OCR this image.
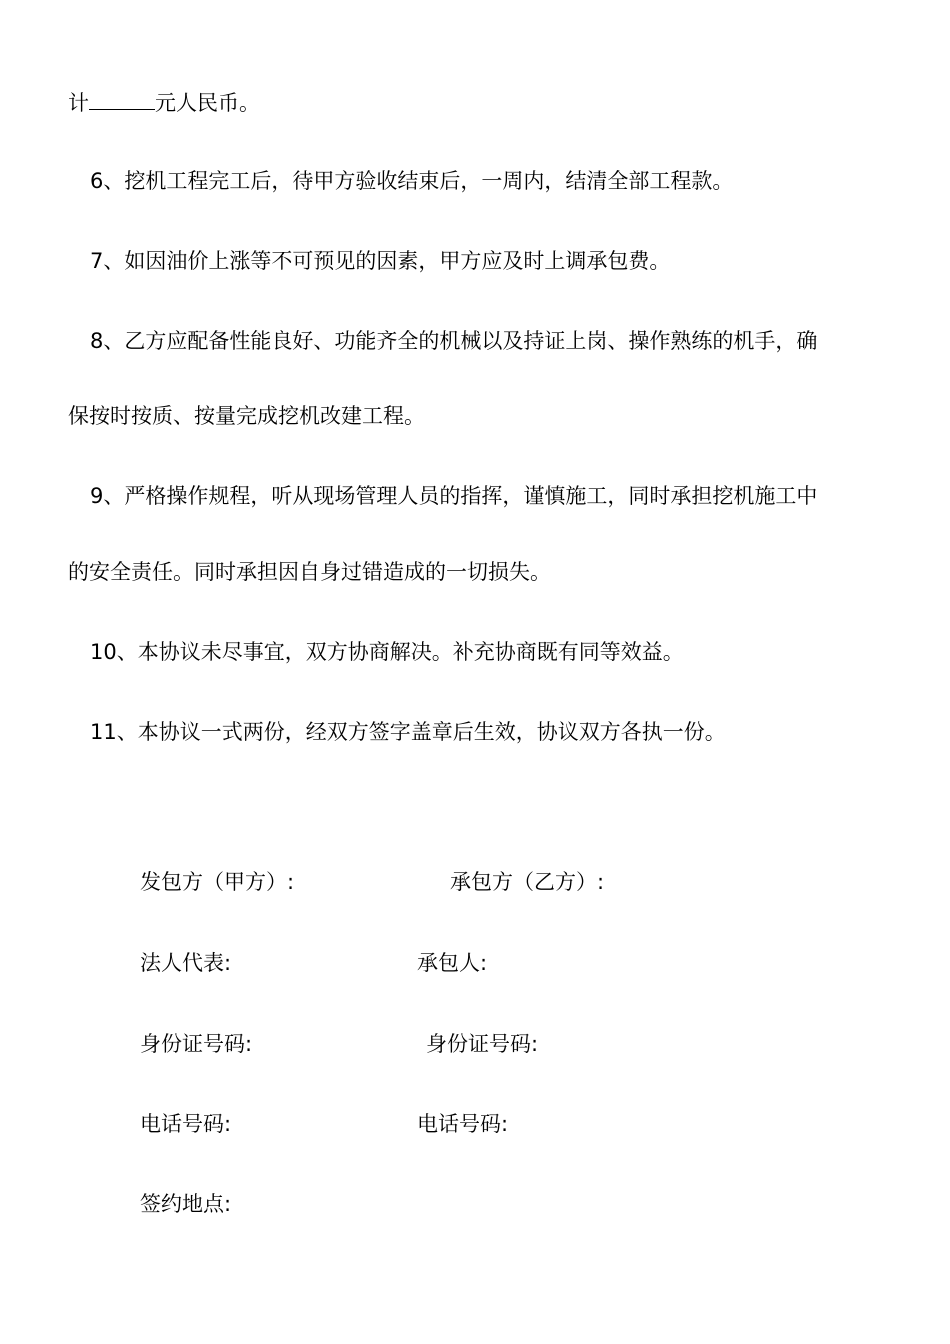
计	元人民币。
6、挖机工程完工后，待甲方验收结束后，一周内，结清全部工程款。
7、如因油价上涨等不可预见的因素，甲方应及时上调承包费。
8、乙方应配备性能良好、功能齐全的机械以及持证上岗、操作熟练的机手，确
保按时按质、按量完成挖机改建工程。
9、严格操作规程，听从现场管理人员的指挥，谨慎施工，同时承担挖机施工中
的安全责任。同时承担因自身过错造成的一切损失。
10、本协议未尽事宜，双方协商解决。补充协商既有同等效益。
11、本协议一式两份，经双方签字盖章后生效，协议双方各执一份。
发包方（甲方）:	承包方（乙方）:
法人代表:	承包人:
身份证号码:	身份证号码:
电话号码:	电话号码:
签约地点:
